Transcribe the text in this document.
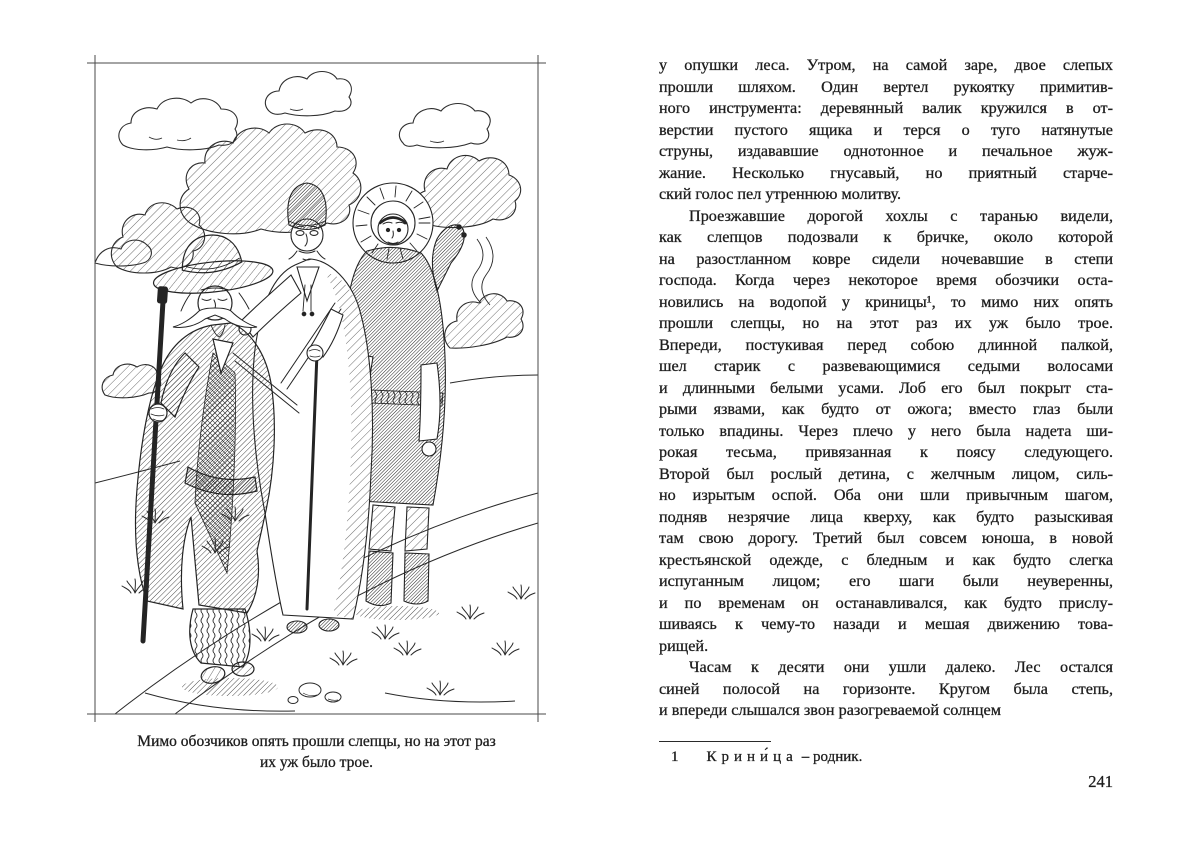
Мимо обозчиков опять прошли слепцы, но на этот раз
их уж было трое.
у опушки леса. Утром, на самой заре, двое слепых
прошли шляхом. Один вертел рукоятку примитив-
ного инструмента: деревянный валик кружился в от-
верстии пустого ящика и терся о туго натянутые
струны, издававшие однотонное и печальное жуж-
жание. Несколько гнусавый, но приятный старче-
ский голос пел утреннюю молитву.
Проезжавшие дорогой хохлы с таранью видели,
как слепцов подозвали к бричке, около которой
на разостланном ковре сидели ночевавшие в степи
господа. Когда через некоторое время обозчики оста-
новились на водопой у криницы¹, то мимо них опять
прошли слепцы, но на этот раз их уж было трое.
Впереди, постукивая перед собою длинной палкой,
шел старик с развевающимися седыми волосами
и длинными белыми усами. Лоб его был покрыт ста-
рыми язвами, как будто от ожога; вместо глаз были
только впадины. Через плечо у него была надета ши-
рокая тесьма, привязанная к поясу следующего.
Второй был рослый детина, с желчным лицом, силь-
но изрытым оспой. Оба они шли привычным шагом,
подняв незрячие лица кверху, как будто разыскивая
там свою дорогу. Третий был совсем юноша, в новой
крестьянской одежде, с бледным и как будто слегка
испуганным лицом; его шаги были неуверенны,
и по временам он останавливался, как будто прислу-
шиваясь к чему-то назади и мешая движению това-
рищей.
Часам к десяти они ушли далеко. Лес остался
синей полосой на горизонте. Кругом была степь,
и впереди слышался звон разогреваемой солнцем
1 Крини́ца – родник.
241
